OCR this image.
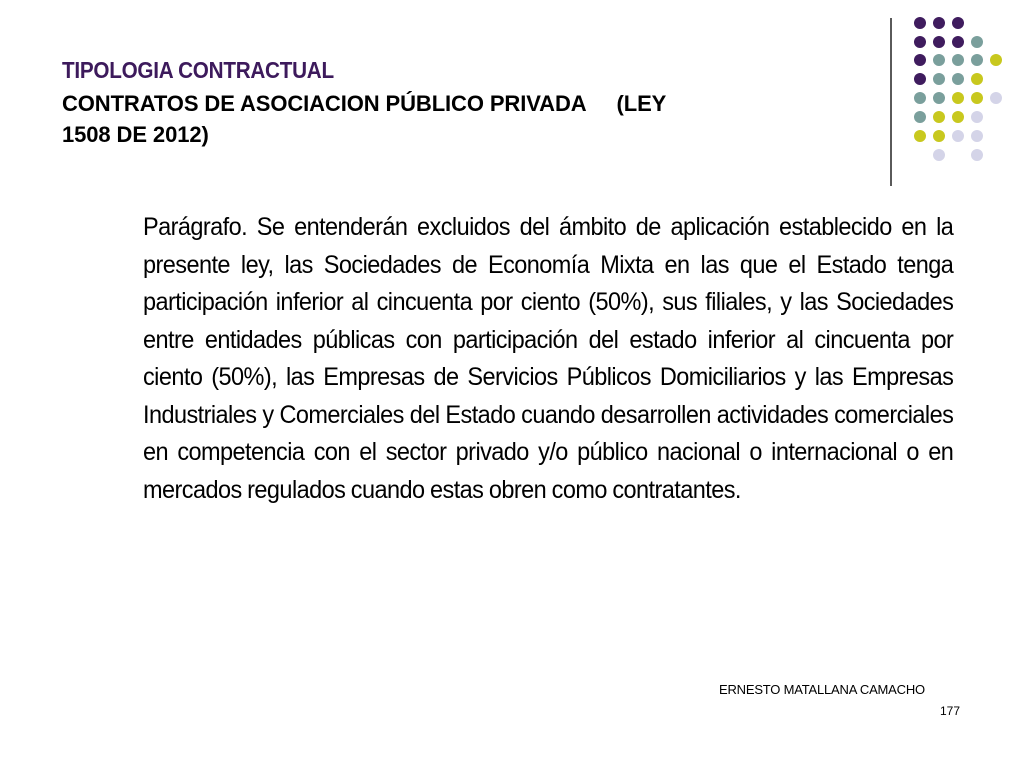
TIPOLOGIA CONTRACTUAL
CONTRATOS DE ASOCIACION PÚBLICO PRIVADA (LEY
1508 DE 2012)
Parágrafo. Se entenderán excluidos del ámbito de aplicación establecido en la presente ley, las Sociedades de Economía Mixta en las que el Estado tenga participación inferior al cincuenta por ciento (50%), sus filiales, y las Sociedades entre entidades públicas con participación del estado inferior al cincuenta por ciento (50%), las Empresas de Servicios Públicos Domiciliarios y las Empresas Industriales y Comerciales del Estado cuando desarrollen actividades comerciales en competencia con el sector privado y/o público nacional o internacional o en mercados regulados cuando estas obren como contratantes.
ERNESTO MATALLANA CAMACHO
177
